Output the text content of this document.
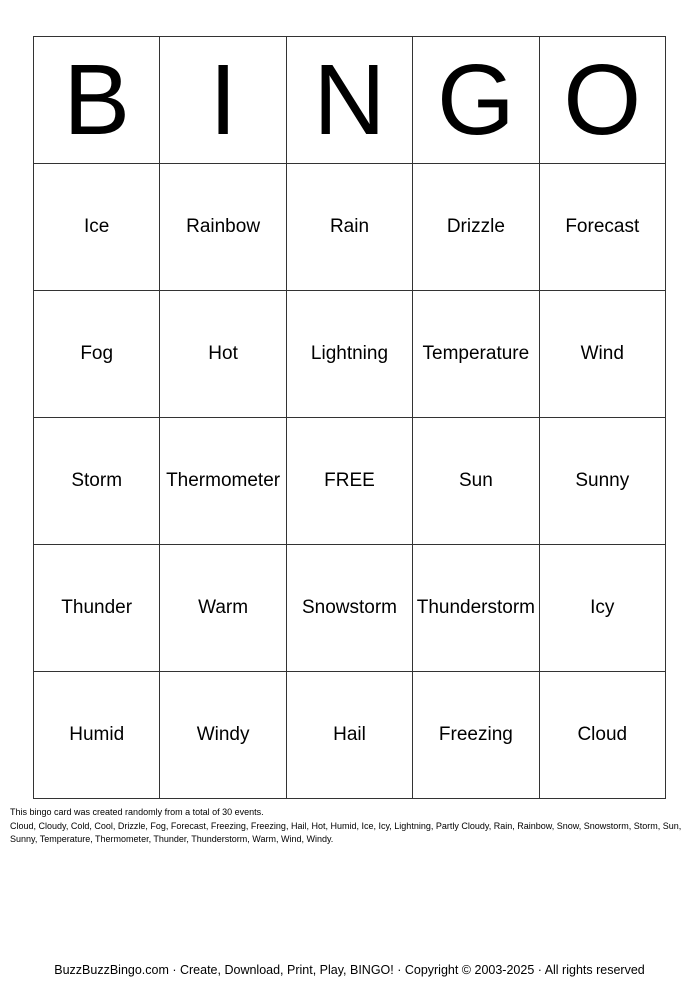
B	I	N	G	O
Ice	Rainbow	Rain	Drizzle	Forecast
Fog	Hot	Lightning	Temperature	Wind
Storm	Thermometer	FREE	Sun	Sunny
Thunder	Warm	Snowstorm	Thunderstorm	Icy
Humid	Windy	Hail	Freezing	Cloud
This bingo card was created randomly from a total of 30 events.
Cloud, Cloudy, Cold, Cool, Drizzle, Fog, Forecast, Freezing, Freezing, Hail, Hot, Humid, Ice, Icy, Lightning, Partly Cloudy, Rain, Rainbow, Snow, Snowstorm, Storm, Sun, Sunny, Temperature, Thermometer, Thunder, Thunderstorm, Warm, Wind, Windy.
BuzzBuzzBingo.com · Create, Download, Print, Play, BINGO! · Copyright © 2003-2025 · All rights reserved
